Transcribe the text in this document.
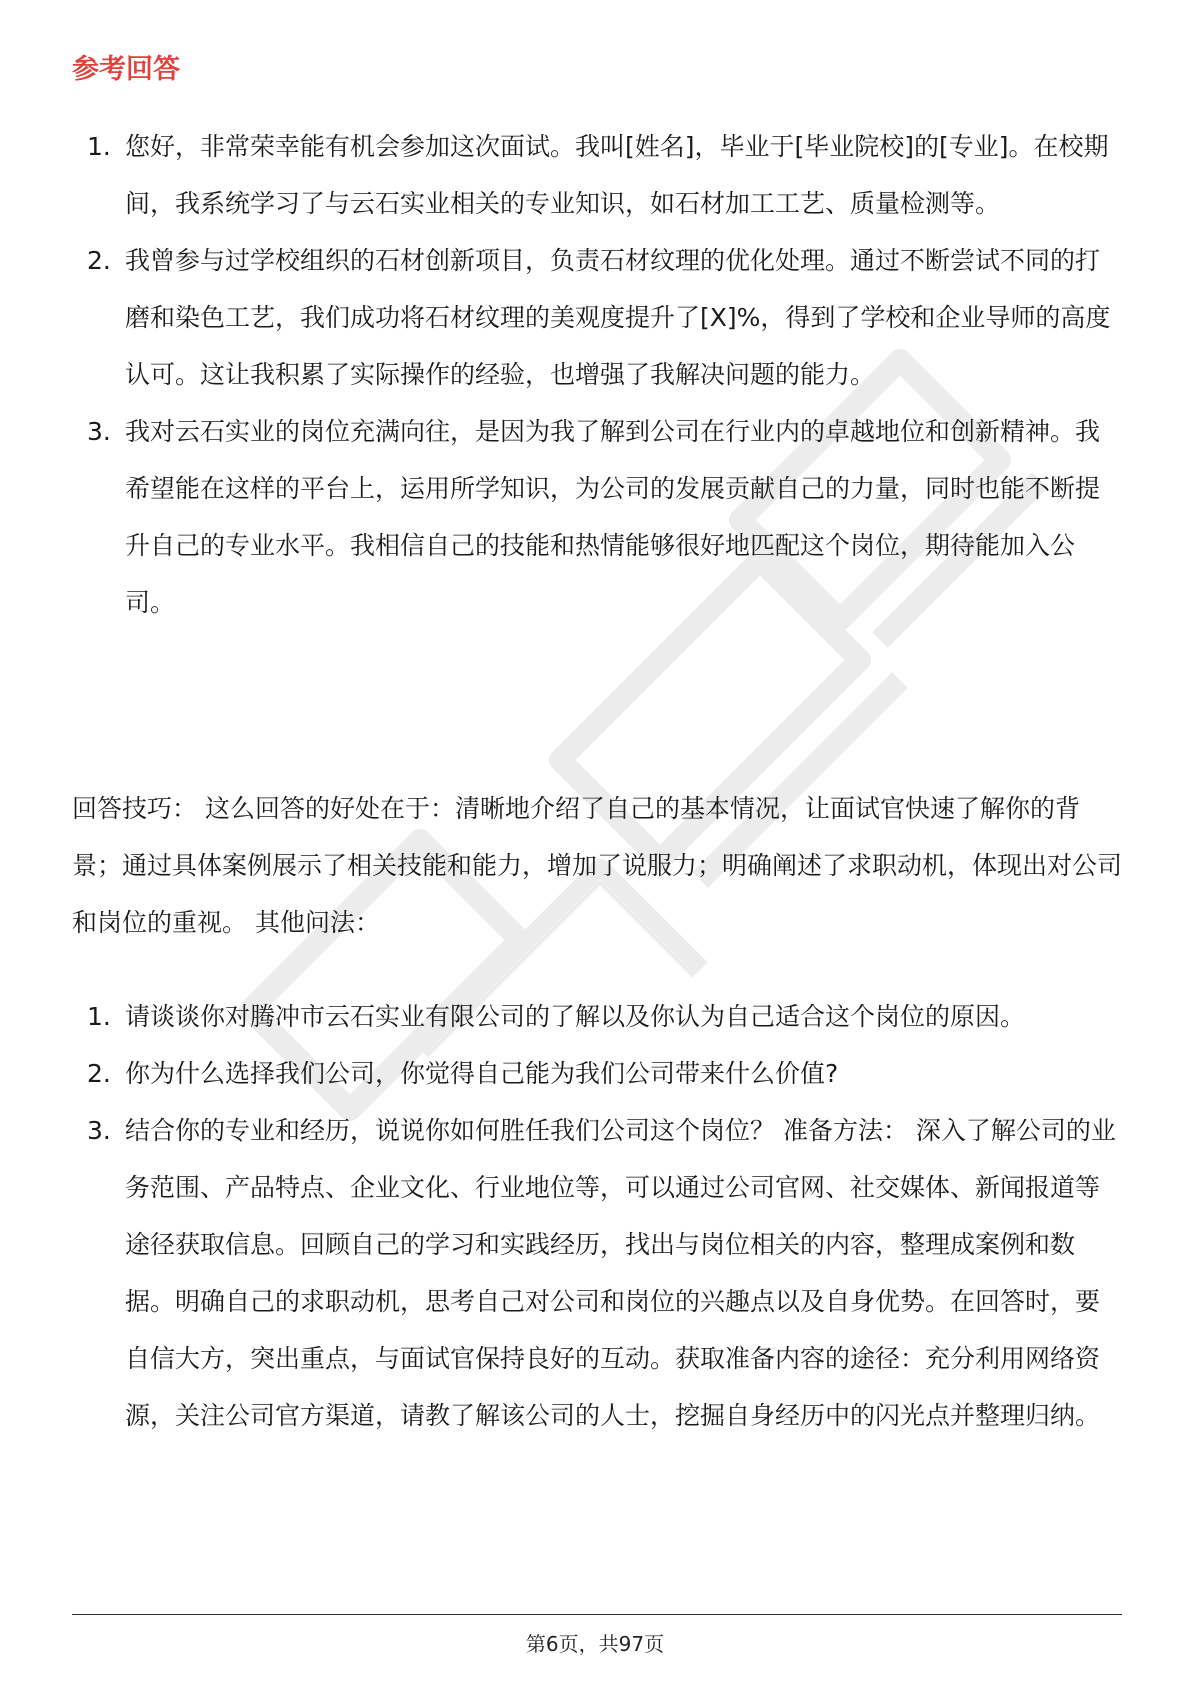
参考回答
1. 您好，非常荣幸能有机会参加这次面试。我叫[姓名]，毕业于[毕业院校]的[专业]。在校期间，我系统学习了与云石实业相关的专业知识，如石材加工工艺、质量检测等。
2. 我曾参与过学校组织的石材创新项目，负责石材纹理的优化处理。通过不断尝试不同的打磨和染色工艺，我们成功将石材纹理的美观度提升了[X]%，得到了学校和企业导师的高度认可。这让我积累了实际操作的经验，也增强了我解决问题的能力。
3. 我对云石实业的岗位充满向往，是因为我了解到公司在行业内的卓越地位和创新精神。我希望能在这样的平台上，运用所学知识，为公司的发展贡献自己的力量，同时也能不断提升自己的专业水平。我相信自己的技能和热情能够很好地匹配这个岗位，期待能加入公司。

回答技巧： 这么回答的好处在于：清晰地介绍了自己的基本情况，让面试官快速了解你的背景；通过具体案例展示了相关技能和能力，增加了说服力；明确阐述了求职动机，体现出对公司和岗位的重视。 其他问法：

1. 请谈谈你对腾冲市云石实业有限公司的了解以及你认为自己适合这个岗位的原因。
2. 你为什么选择我们公司，你觉得自己能为我们公司带来什么价值?
3. 结合你的专业和经历，说说你如何胜任我们公司这个岗位？ 准备方法： 深入了解公司的业务范围、产品特点、企业文化、行业地位等，可以通过公司官网、社交媒体、新闻报道等途径获取信息。回顾自己的学习和实践经历，找出与岗位相关的内容，整理成案例和数据。明确自己的求职动机，思考自己对公司和岗位的兴趣点以及自身优势。在回答时，要自信大方，突出重点，与面试官保持良好的互动。获取准备内容的途径：充分利用网络资源，关注公司官方渠道，请教了解该公司的人士，挖掘自身经历中的闪光点并整理归纳。
第6页，共97页
